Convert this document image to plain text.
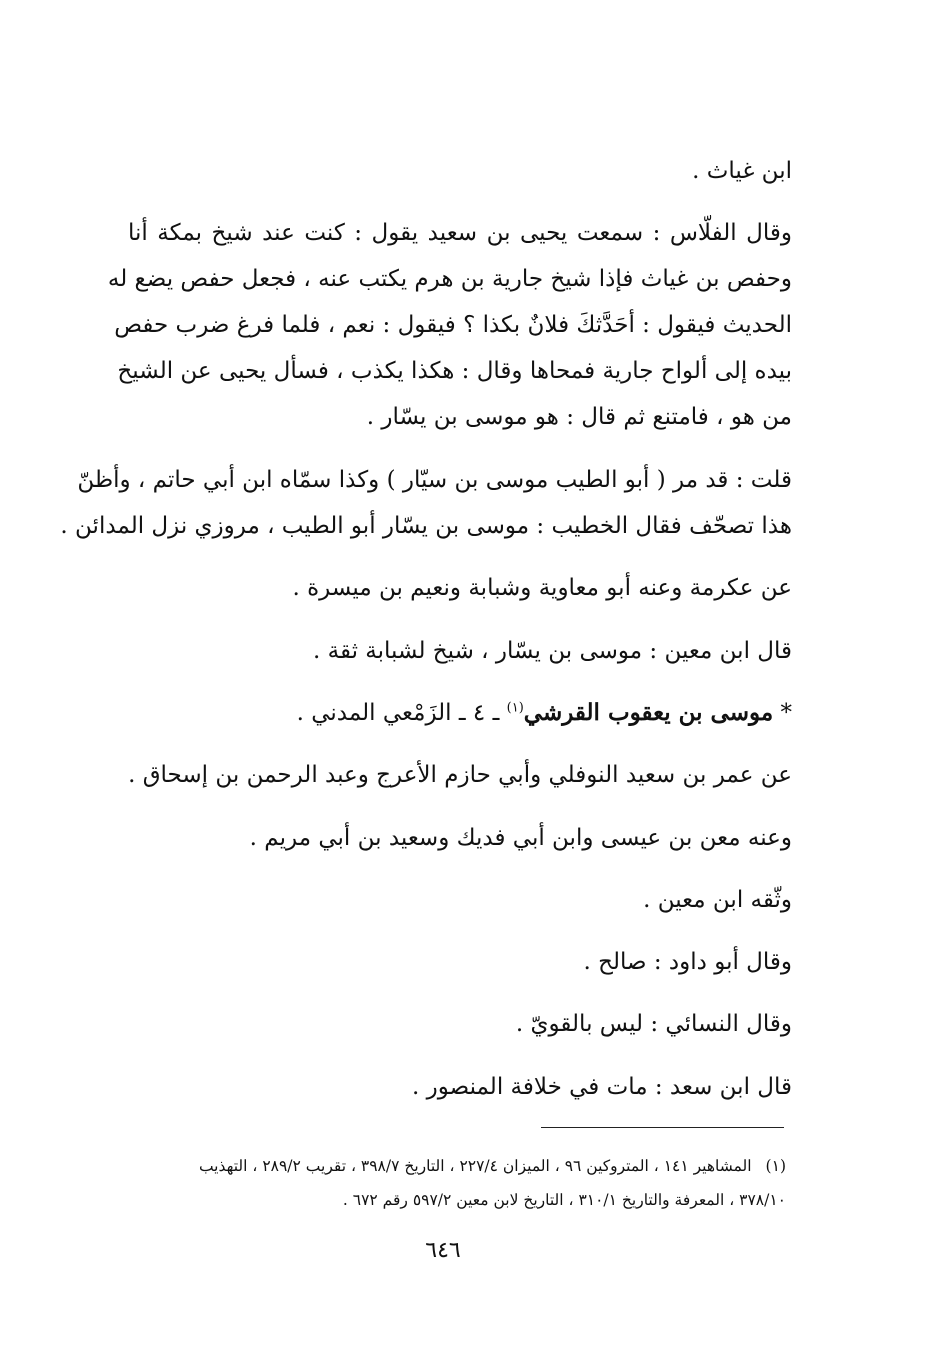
ابن غياث .
وقال الفلّاس : سمعت يحيى بن سعيد يقول : كنت عند شيخ بمكة أنا
وحفص بن غياث فإذا شيخ جارية بن هرم يكتب عنه ، فجعل حفص يضع له
الحديث فيقول : أحَدَّثكَ فلانٌ بكذا ؟ فيقول : نعم ، فلما فرغ ضرب حفص
بيده إلى ألواح جارية فمحاها وقال : هكذا يكذب ، فسأل يحيى عن الشيخ
من هو ، فامتنع ثم قال : هو موسى بن يسّار .
قلت : قد مر ( أبو الطيب موسى بن سيّار ) وكذا سمّاه ابن أبي حاتم ، وأظنّ
هذا تصحّف فقال الخطيب : موسى بن يسّار أبو الطيب ، مروزي نزل المدائن .
عن عكرمة وعنه أبو معاوية وشبابة ونعيم بن ميسرة .
قال ابن معين : موسى بن يسّار ، شيخ لشبابة ثقة .
* موسى بن يعقوب القرشي$^{(١)}$ ـ ٤ ـ الزَمْعي المدني .
عن عمر بن سعيد النوفلي وأبي حازم الأعرج وعبد الرحمن بن إسحاق .
وعنه معن بن عيسى وابن أبي فديك وسعيد بن أبي مريم .
وثّقه ابن معين .
وقال أبو داود : صالح .
وقال النسائي : ليس بالقويّ .
قال ابن سعد : مات في خلافة المنصور .
(١)المشاهير ١٤١ ، المتروكين ٩٦ ، الميزان ٢٢٧/٤ ، التاريخ ٣٩٨/٧ ، تقريب ٢٨٩/٢ ، التهذيب
٣٧٨/١٠ ، المعرفة والتاريخ ٣١٠/١ ، التاريخ لابن معين ٥٩٧/٢ رقم ٦٧٢ .
٦٤٦
